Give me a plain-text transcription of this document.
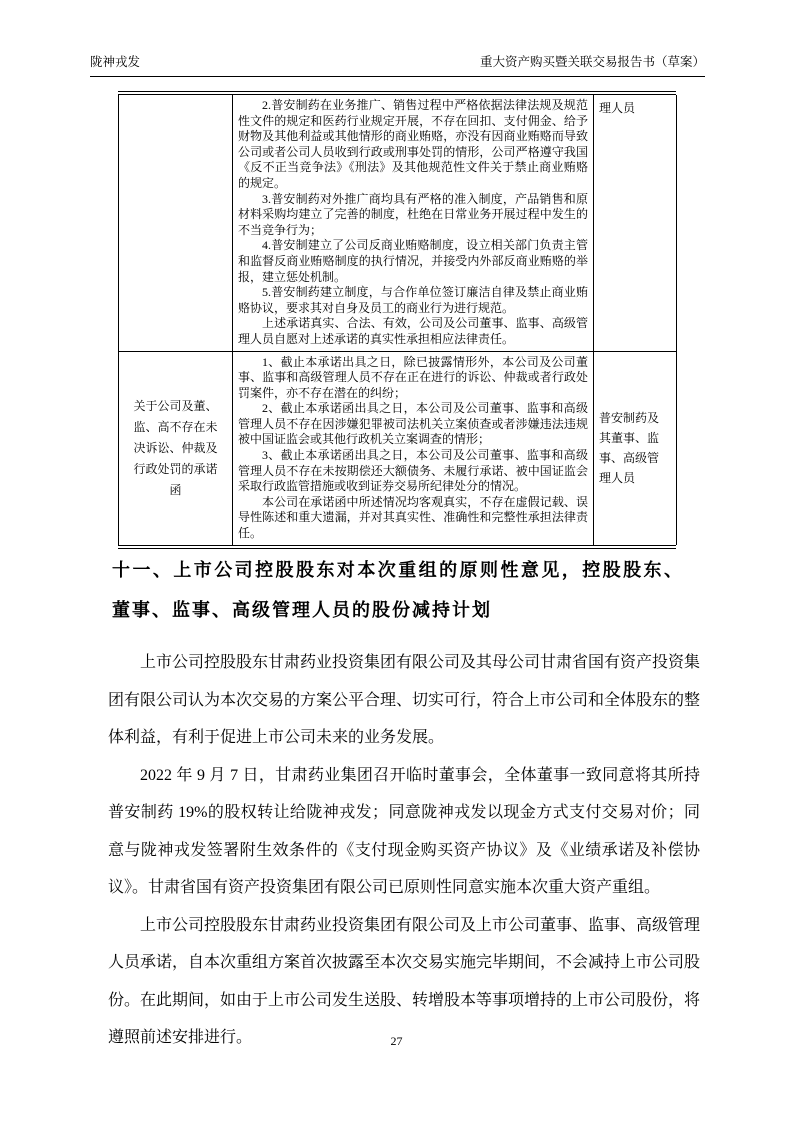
陇神戎发	重大资产购买暨关联交易报告书（草案）

	2.普安制药在业务推广、销售过程中严格依据法律法规及规范性文件的规定和医药行业规定开展，不存在回扣、支付佣金、给予财物及其他利益或其他情形的商业贿赂，亦没有因商业贿赂而导致公司或者公司人员收到行政或刑事处罚的情形，公司严格遵守我国《反不正当竞争法》《刑法》及其他规范性文件关于禁止商业贿赂的规定。

3.普安制药对外推广商均具有严格的准入制度，产品销售和原材料采购均建立了完善的制度，杜绝在日常业务开展过程中发生的不当竞争行为；

4.普安制建立了公司反商业贿赂制度，设立相关部门负责主管和监督反商业贿赂制度的执行情况，并接受内外部反商业贿赂的举报，建立惩处机制。

5.普安制药建立制度，与合作单位签订廉洁自律及禁止商业贿赂协议，要求其对自身及员工的商业行为进行规范。

上述承诺真实、合法、有效，公司及公司董事、监事、高级管理人员自愿对上述承诺的真实性承担相应法律责任。	理人员
关于公司及董、监、高不存在未决诉讼、仲裁及行政处罚的承诺函	1、截止本承诺出具之日，除已披露情形外，本公司及公司董事、监事和高级管理人员不存在正在进行的诉讼、仲裁或者行政处罚案件，亦不存在潜在的纠纷；

2、截止本承诺函出具之日，本公司及公司董事、监事和高级管理人员不存在因涉嫌犯罪被司法机关立案侦查或者涉嫌违法违规被中国证监会或其他行政机关立案调查的情形；

3、截止本承诺函出具之日，本公司及公司董事、监事和高级管理人员不存在未按期偿还大额债务、未履行承诺、被中国证监会采取行政监管措施或收到证券交易所纪律处分的情况。

本公司在承诺函中所述情况均客观真实，不存在虚假记载、误导性陈述和重大遗漏，并对其真实性、准确性和完整性承担法律责任。	普安制药及其董事、监事、高级管理人员
十一、上市公司控股股东对本次重组的原则性意见，控股股东、董事、监事、高级管理人员的股份减持计划

上市公司控股股东甘肃药业投资集团有限公司及其母公司甘肃省国有资产投资集团有限公司认为本次交易的方案公平合理、切实可行，符合上市公司和全体股东的整体利益，有利于促进上市公司未来的业务发展。

2022 年 9 月 7 日，甘肃药业集团召开临时董事会，全体董事一致同意将其所持普安制药 19%的股权转让给陇神戎发；同意陇神戎发以现金方式支付交易对价；同意与陇神戎发签署附生效条件的《支付现金购买资产协议》及《业绩承诺及补偿协议》。甘肃省国有资产投资集团有限公司已原则性同意实施本次重大资产重组。

上市公司控股股东甘肃药业投资集团有限公司及上市公司董事、监事、高级管理人员承诺，自本次重组方案首次披露至本次交易实施完毕期间，不会减持上市公司股份。在此期间，如由于上市公司发生送股、转增股本等事项增持的上市公司股份，将遵照前述安排进行。	27
